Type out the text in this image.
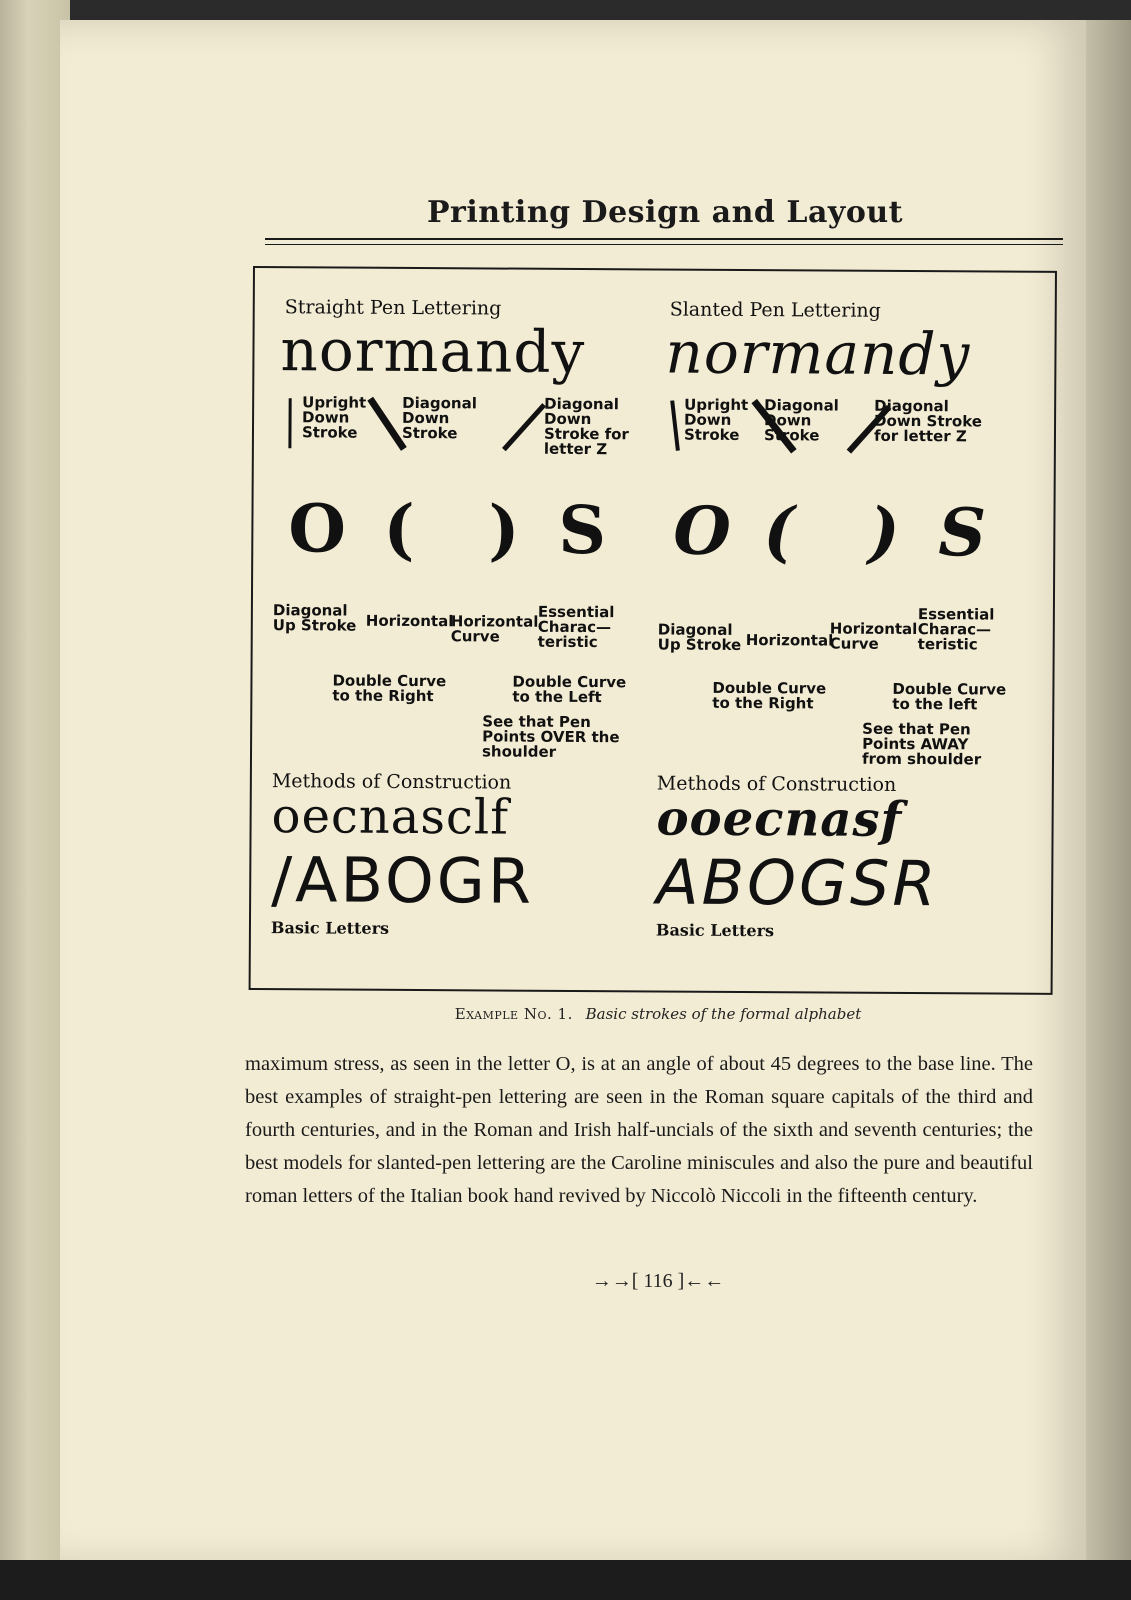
Printing Design and Layout
Straight Pen Lettering
normandy
Upright Down Stroke
Diagonal Down Stroke
Diagonal Down Stroke for letter Z
O ( ) S
Diagonal Up Stroke Horizontal
Horizontal Curve
Essential Charac—teristic
Double Curve to the Right
Double Curve to the Left
See that Pen Points OVER the shoulder
Methods of Construction
oecnasclf
/ABOGR
Basic Letters
Slanted Pen Lettering
normandy
Upright Down Stroke
Diagonal Down Stroke
Diagonal Down Stroke for letter Z
O ( ) S
Diagonal Up Stroke Horizontal
Horizontal Curve
Essential Charac—teristic
Double Curve to the Right
Double Curve to the left
See that Pen Points AWAY from shoulder
Methods of Construction
ooecnasf
ABOGSR
Basic Letters
Example No. 1. Basic strokes of the formal alphabet
maximum stress, as seen in the letter O, is at an angle of about 45 degrees to the base line. The best examples of straight-pen lettering are seen in the Roman square capitals of the third and fourth centuries, and in the Roman and Irish half-uncials of the sixth and seventh centuries; the best models for slanted-pen lettering are the Caroline miniscules and also the pure and beautiful roman letters of the Italian book hand revived by Niccolò Niccoli in the fifteenth century.
→→[ 116 ]←←
